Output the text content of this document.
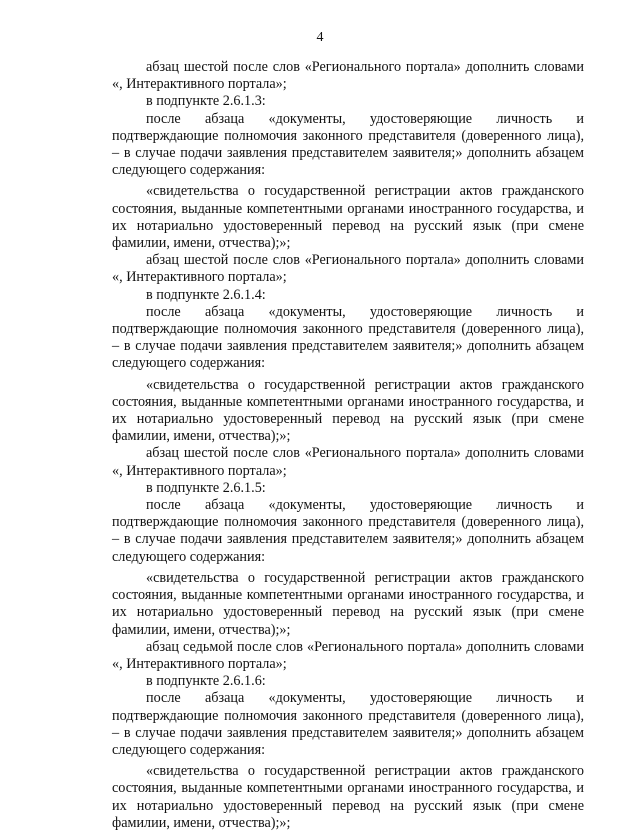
4

абзац шестой после слов «Регионального портала» дополнить словами «, Интерактивного портала»;

в подпункте 2.6.1.3:

после абзаца «документы, удостоверяющие личность и подтверждающие полномочия законного представителя (доверенного лица), – в случае подачи заявления представителем заявителя;» дополнить абзацем следующего содержания:

«свидетельства о государственной регистрации актов гражданского состояния, выданные компетентными органами иностранного государства, и их нотариально удостоверенный перевод на русский язык (при смене фамилии, имени, отчества);»;

абзац шестой после слов «Регионального портала» дополнить словами «, Интерактивного портала»;

в подпункте 2.6.1.4:

после абзаца «документы, удостоверяющие личность и подтверждающие полномочия законного представителя (доверенного лица), – в случае подачи заявления представителем заявителя;» дополнить абзацем следующего содержания:

«свидетельства о государственной регистрации актов гражданского состояния, выданные компетентными органами иностранного государства, и их нотариально удостоверенный перевод на русский язык (при смене фамилии, имени, отчества);»;

абзац шестой после слов «Регионального портала» дополнить словами «, Интерактивного портала»;

в подпункте 2.6.1.5:

после абзаца «документы, удостоверяющие личность и подтверждающие полномочия законного представителя (доверенного лица), – в случае подачи заявления представителем заявителя;» дополнить абзацем следующего содержания:

«свидетельства о государственной регистрации актов гражданского состояния, выданные компетентными органами иностранного государства, и их нотариально удостоверенный перевод на русский язык (при смене фамилии, имени, отчества);»;

абзац седьмой после слов «Регионального портала» дополнить словами «, Интерактивного портала»;

в подпункте 2.6.1.6:

после абзаца «документы, удостоверяющие личность и подтверждающие полномочия законного представителя (доверенного лица), – в случае подачи заявления представителем заявителя;» дополнить абзацем следующего содержания:

«свидетельства о государственной регистрации актов гражданского состояния, выданные компетентными органами иностранного государства, и их нотариально удостоверенный перевод на русский язык (при смене фамилии, имени, отчества);»;
